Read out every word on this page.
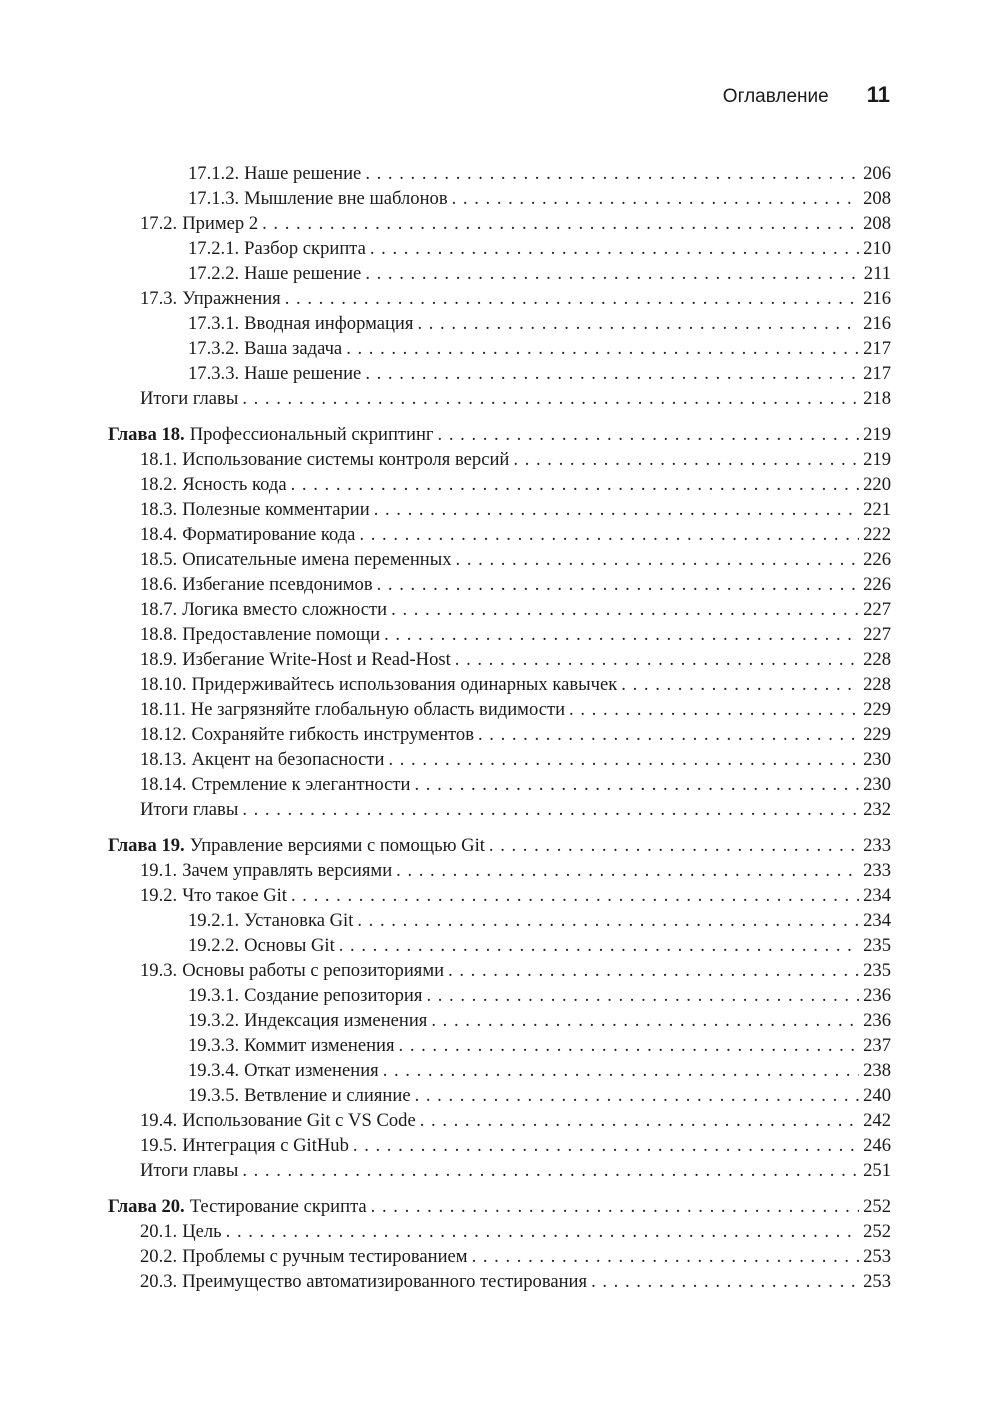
Оглавление 11
17.1.2. Наше решение . . .	206
17.1.3. Мышление вне шаблонов . . .	208
17.2. Пример 2 . . .	208
17.2.1. Разбор скрипта . . .	210
17.2.2. Наше решение . . .	211
17.3. Упражнения . . .	216
17.3.1. Вводная информация . . .	216
17.3.2. Ваша задача . . .	217
17.3.3. Наше решение . . .	217
Итоги главы . . .	218
Глава 18. Профессиональный скриптинг . . .	219
18.1. Использование системы контроля версий . . .	219
18.2. Ясность кода . . .	220
18.3. Полезные комментарии . . .	221
18.4. Форматирование кода . . .	222
18.5. Описательные имена переменных . . .	226
18.6. Избегание псевдонимов . . .	226
18.7. Логика вместо сложности . . .	227
18.8. Предоставление помощи . . .	227
18.9. Избегание Write-Host и Read-Host . . .	228
18.10. Придерживайтесь использования одинарных кавычек . . .	228
18.11. Не загрязняйте глобальную область видимости . . .	229
18.12. Сохраняйте гибкость инструментов . . .	229
18.13. Акцент на безопасности . . .	230
18.14. Стремление к элегантности . . .	230
Итоги главы . . .	232
Глава 19. Управление версиями с помощью Git . . .	233
19.1. Зачем управлять версиями . . .	233
19.2. Что такое Git . . .	234
19.2.1. Установка Git . . .	234
19.2.2. Основы Git . . .	235
19.3. Основы работы с репозиториями . . .	235
19.3.1. Создание репозитория . . .	236
19.3.2. Индексация изменения . . .	236
19.3.3. Коммит изменения . . .	237
19.3.4. Откат изменения . . .	238
19.3.5. Ветвление и слияние . . .	240
19.4. Использование Git с VS Code . . .	242
19.5. Интеграция с GitHub . . .	246
Итоги главы . . .	251
Глава 20. Тестирование скрипта . . .	252
20.1. Цель . . .	252
20.2. Проблемы с ручным тестированием . . .	253
20.3. Преимущество автоматизированного тестирования . . .	253
